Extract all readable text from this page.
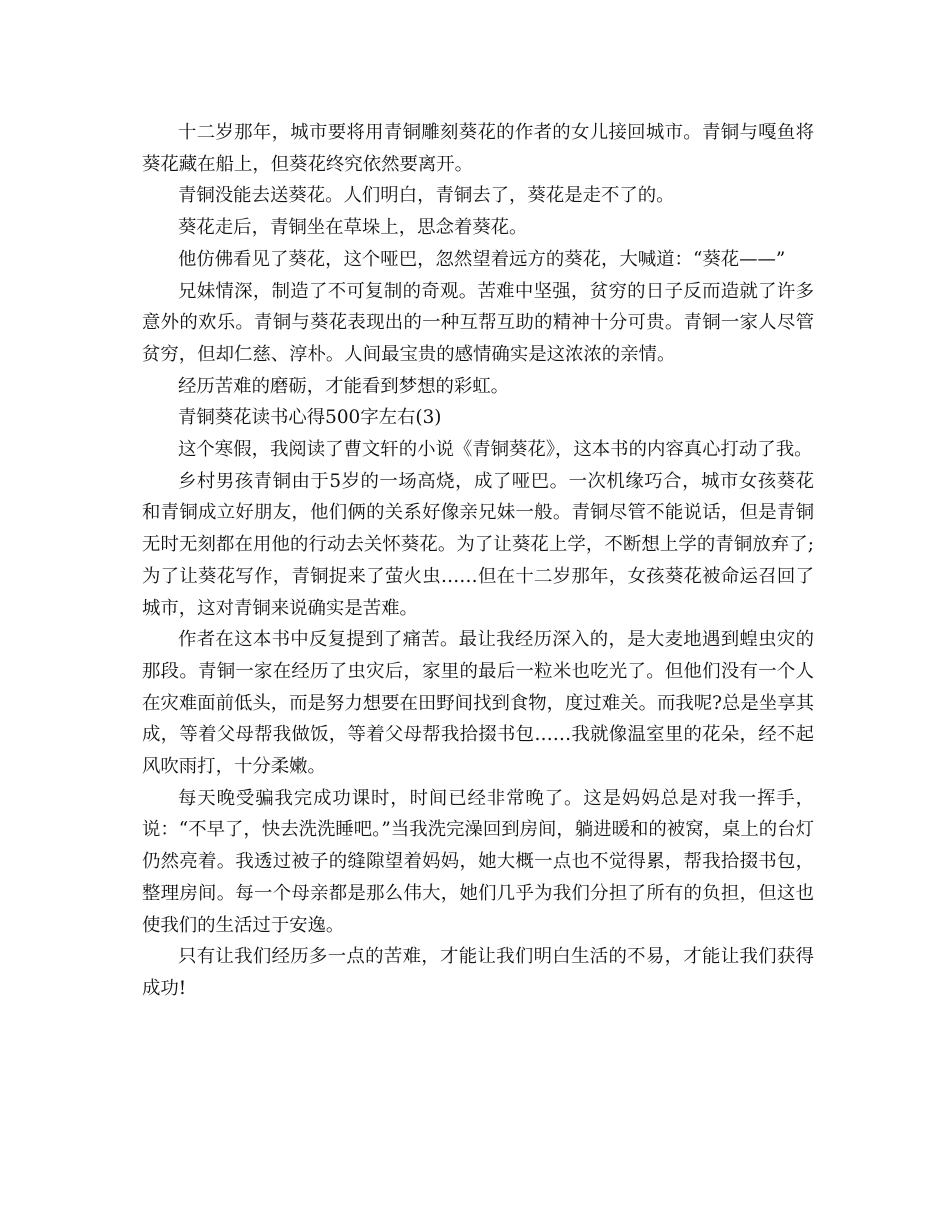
十二岁那年，城市要将用青铜雕刻葵花的作者的女儿接回城市。青铜与嘎鱼将葵花藏在船上，但葵花终究依然要离开。

青铜没能去送葵花。人们明白，青铜去了，葵花是走不了的。

葵花走后，青铜坐在草垛上，思念着葵花。

他仿佛看见了葵花，这个哑巴，忽然望着远方的葵花，大喊道：“葵花——”

兄妹情深，制造了不可复制的奇观。苦难中坚强，贫穷的日子反而造就了许多意外的欢乐。青铜与葵花表现出的一种互帮互助的精神十分可贵。青铜一家人尽管贫穷，但却仁慈、淳朴。人间最宝贵的感情确实是这浓浓的亲情。

经历苦难的磨砺，才能看到梦想的彩虹。

青铜葵花读书心得500字左右(3)

这个寒假，我阅读了曹文轩的小说《青铜葵花》，这本书的内容真心打动了我。

乡村男孩青铜由于5岁的一场高烧，成了哑巴。一次机缘巧合，城市女孩葵花和青铜成立好朋友，他们俩的关系好像亲兄妹一般。青铜尽管不能说话，但是青铜无时无刻都在用他的行动去关怀葵花。为了让葵花上学，不断想上学的青铜放弃了;为了让葵花写作，青铜捉来了萤火虫……但在十二岁那年，女孩葵花被命运召回了城市，这对青铜来说确实是苦难。

作者在这本书中反复提到了痛苦。最让我经历深入的，是大麦地遇到蝗虫灾的那段。青铜一家在经历了虫灾后，家里的最后一粒米也吃光了。但他们没有一个人在灾难面前低头，而是努力想要在田野间找到食物，度过难关。而我呢?总是坐享其成，等着父母帮我做饭，等着父母帮我拾掇书包……我就像温室里的花朵，经不起风吹雨打，十分柔嫩。

每天晚受骗我完成功课时，时间已经非常晚了。这是妈妈总是对我一挥手，说：“不早了，快去洗洗睡吧。”当我洗完澡回到房间，躺进暖和的被窝，桌上的台灯仍然亮着。我透过被子的缝隙望着妈妈，她大概一点也不觉得累，帮我拾掇书包，整理房间。每一个母亲都是那么伟大，她们几乎为我们分担了所有的负担，但这也使我们的生活过于安逸。

只有让我们经历多一点的苦难，才能让我们明白生活的不易，才能让我们获得成功!
